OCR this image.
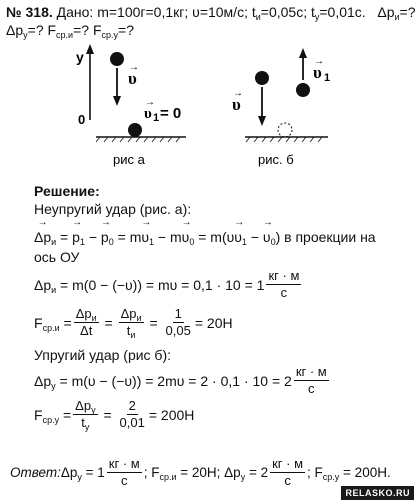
№ 318. Дано: m=100г=0,1кг; υ=10м/с; $t_и=0,05с$; $t_у=0,01с$. $\Delta p_и=$?
$\Delta p_у=$? $F_{ср.и}=$? $F_{ср.у}=$?
y
0
υ
→
υ
→
1 = 0
рис a
υ
→
υ
→
1
рис. б
Решение:
Неупругий удар (рис. а):
→ $\Delta p_и$ = → $p_1$ − → $p_0 = m\to \upsilon_1 - m\to \upsilon_0 = m(\upsilon\to \upsilon_1$ − → $\upsilon_0$) в проекции на
ось ОУ
$\Delta p_и = m(0 - (-\upsilon)) = m\upsilon = 0,1 \cdot 10 = 1 \frac{кг \cdot м}{с}$
$F_{ср.и} = \frac{\Delta p_и}{\Delta t} = \frac{\Delta p_и}{t_и} = \frac{1}{0,05} = 20Н$
Упругий удар (рис б):
$\Delta p_у = m(\upsilon - (-\upsilon)) = 2m\upsilon = 2 \cdot 0,1 \cdot 10 = 2 \frac{кг \cdot м}{с}$
$F_{ср.у} = \frac{\Delta p_у}{t_у} = \frac{2}{0,01} = 200Н$
Ответ: $\Delta p_у = 1 \frac{кг \cdot м}{с}$ ; $F_{ср.и} = 20Н$; $\Delta p_у = 2 \frac{кг \cdot м}{с}$ ; $F_{ср.у} = 200Н$.
RELASKO.RU
